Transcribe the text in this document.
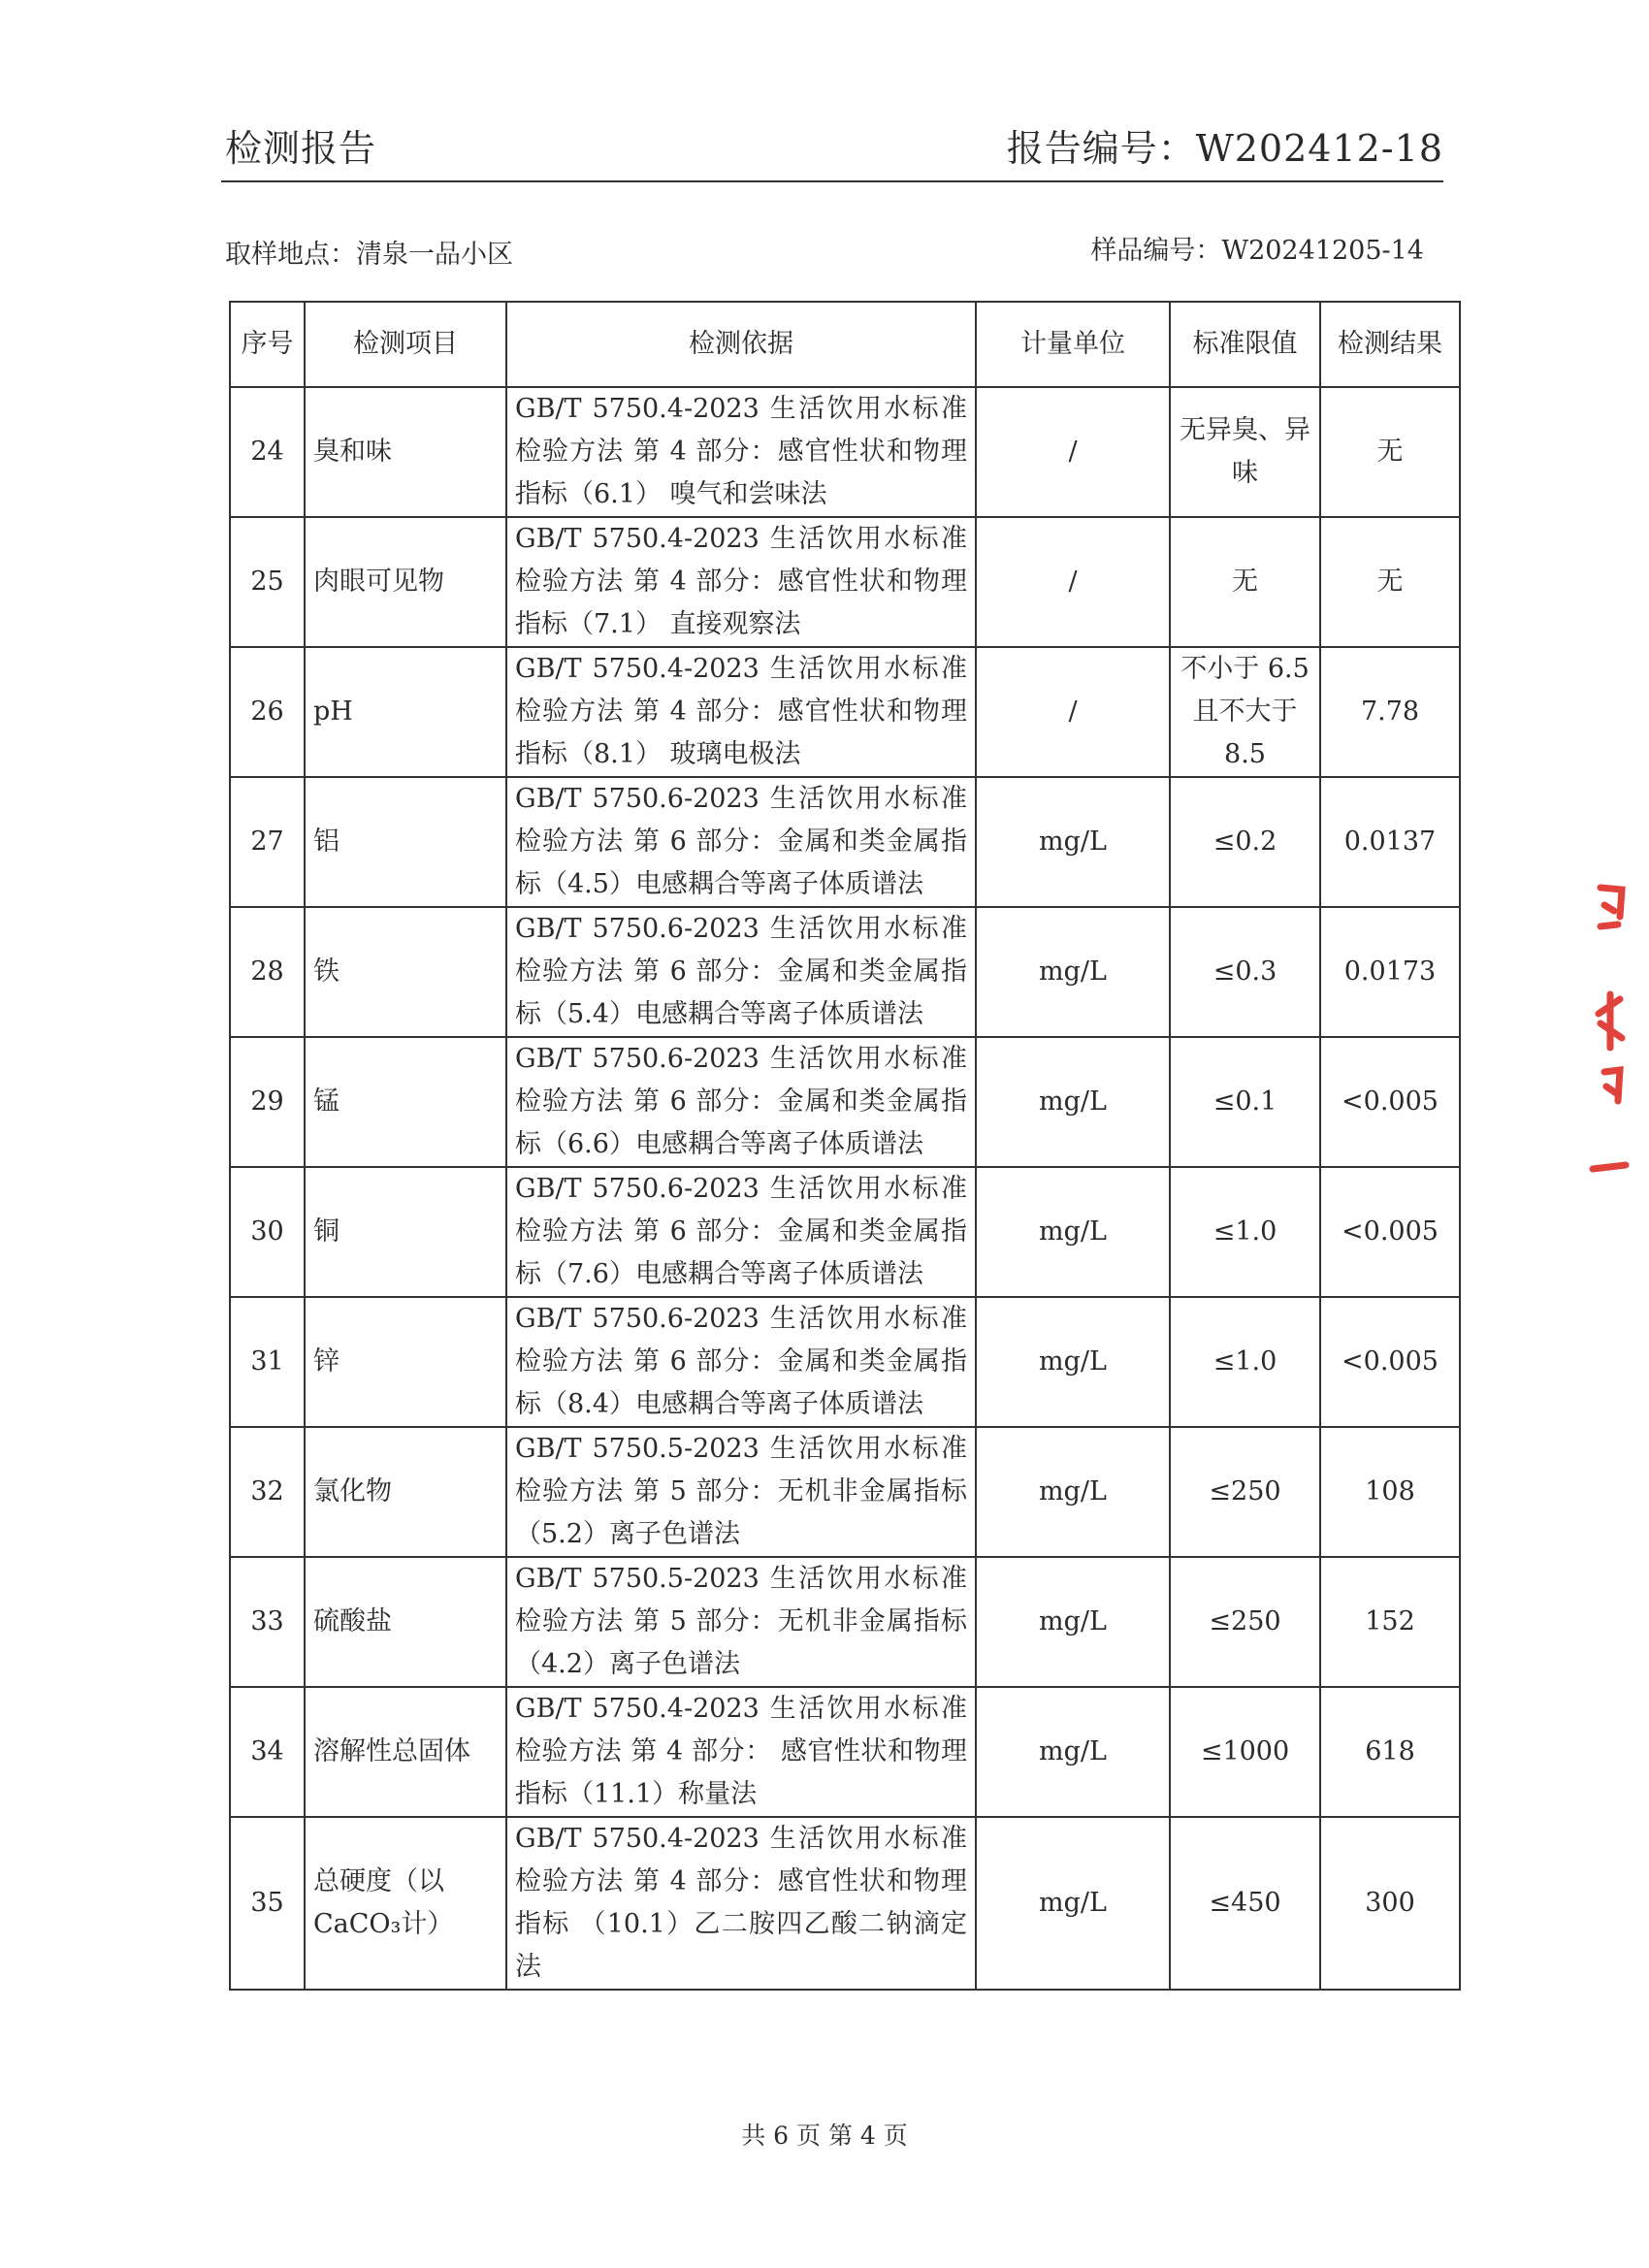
检测报告	报告编号：W202412-18
取样地点：清泉一品小区	样品编号：W20241205-14
序号	检测项目	检测依据	计量单位	标准限值	检测结果
24	臭和味	GB/T 5750.4-2023 生活饮用水标准检验方法 第 4 部分：感官性状和物理指标（6.1） 嗅气和尝味法	/	无异臭、异味	无
25	肉眼可见物	GB/T 5750.4-2023 生活饮用水标准检验方法 第 4 部分：感官性状和物理指标（7.1） 直接观察法	/	无	无
26	pH	GB/T 5750.4-2023 生活饮用水标准检验方法 第 4 部分：感官性状和物理指标（8.1） 玻璃电极法	/	不小于 6.5 且不大于 8.5	7.78
27	铝	GB/T 5750.6-2023 生活饮用水标准检验方法 第 6 部分：金属和类金属指标（4.5）电感耦合等离子体质谱法	mg/L	≤0.2	0.0137
28	铁	GB/T 5750.6-2023 生活饮用水标准检验方法 第 6 部分：金属和类金属指标（5.4）电感耦合等离子体质谱法	mg/L	≤0.3	0.0173
29	锰	GB/T 5750.6-2023 生活饮用水标准检验方法 第 6 部分：金属和类金属指标（6.6）电感耦合等离子体质谱法	mg/L	≤0.1	<0.005
30	铜	GB/T 5750.6-2023 生活饮用水标准检验方法 第 6 部分：金属和类金属指标（7.6）电感耦合等离子体质谱法	mg/L	≤1.0	<0.005
31	锌	GB/T 5750.6-2023 生活饮用水标准检验方法 第 6 部分：金属和类金属指标（8.4）电感耦合等离子体质谱法	mg/L	≤1.0	<0.005
32	氯化物	GB/T 5750.5-2023 生活饮用水标准检验方法 第 5 部分：无机非金属指标（5.2）离子色谱法	mg/L	≤250	108
33	硫酸盐	GB/T 5750.5-2023 生活饮用水标准检验方法 第 5 部分：无机非金属指标（4.2）离子色谱法	mg/L	≤250	152
34	溶解性总固体	GB/T 5750.4-2023 生活饮用水标准检验方法 第 4 部分： 感官性状和物理指标（11.1）称量法	mg/L	≤1000	618
35	总硬度（以CaCO₃计）	GB/T 5750.4-2023 生活饮用水标准检验方法 第 4 部分：感官性状和物理指标 （10.1）乙二胺四乙酸二钠滴定法	mg/L	≤450	300
共 6 页 第 4 页
